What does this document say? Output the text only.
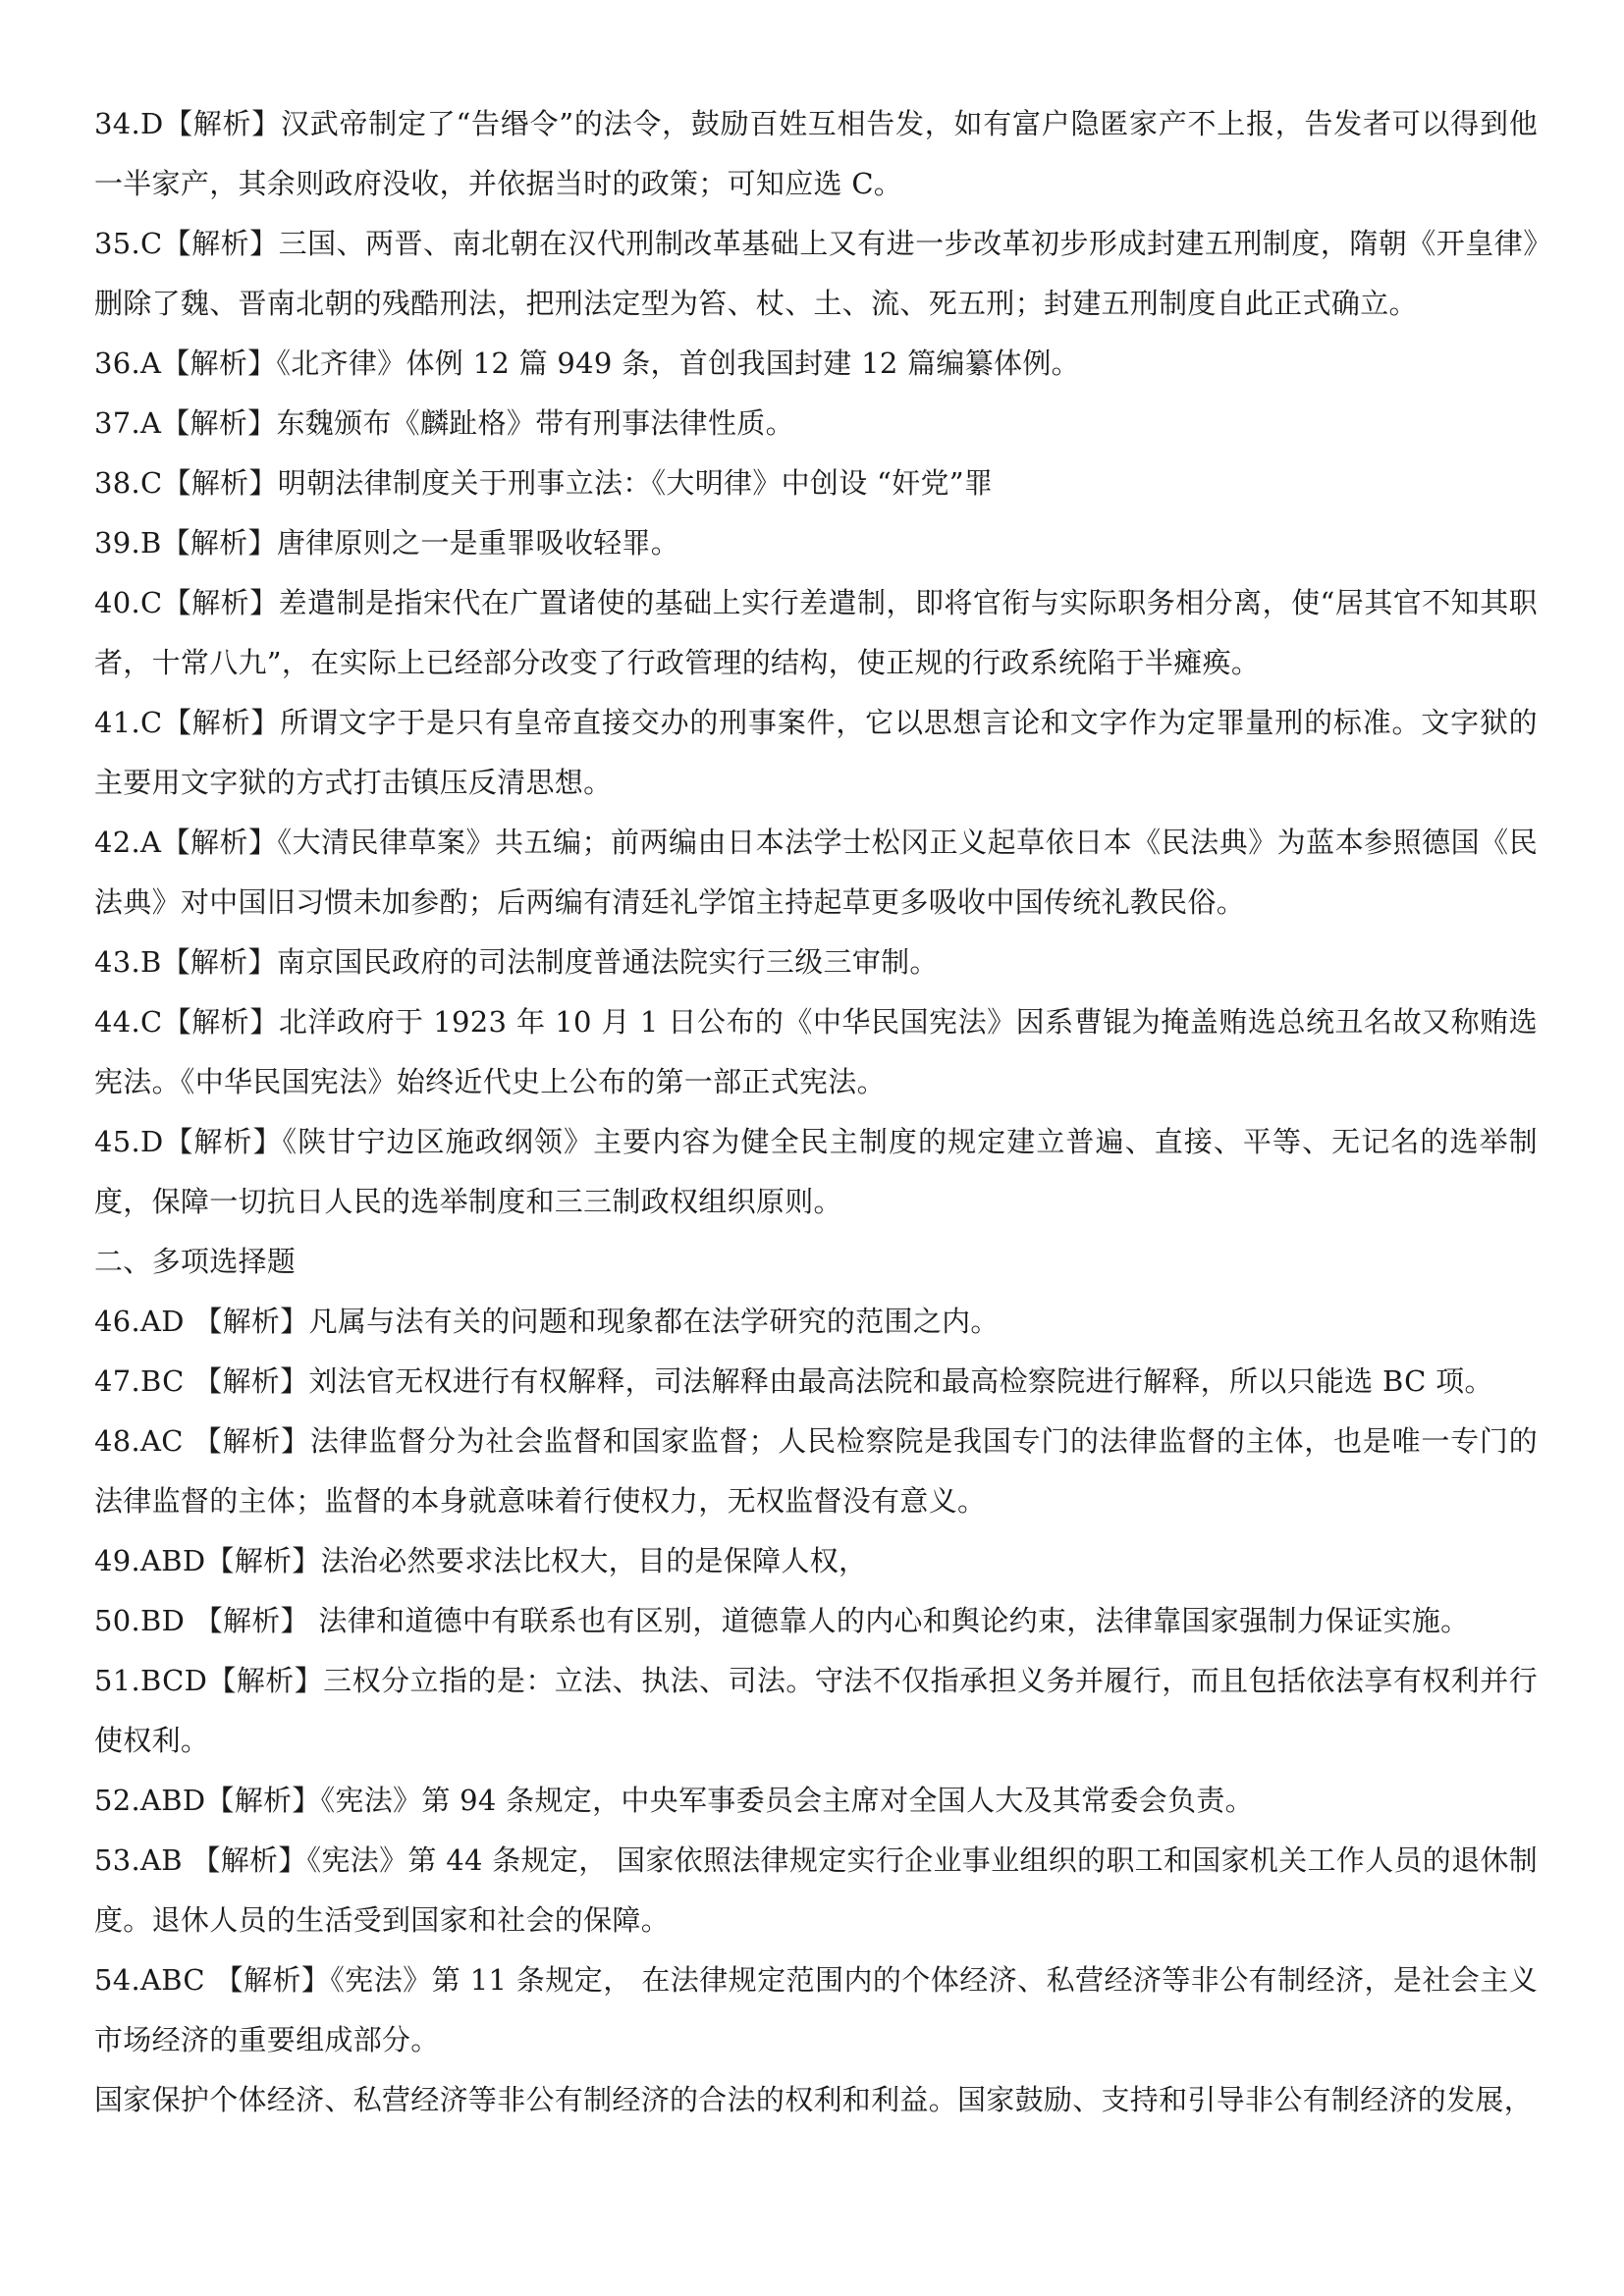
34.D【解析】汉武帝制定了“告缗令”的法令，鼓励百姓互相告发，如有富户隐匿家产不上报，告发者可以得到他一半家产，其余则政府没收，并依据当时的政策；可知应选 C。

35.C【解析】三国、两晋、南北朝在汉代刑制改革基础上又有进一步改革初步形成封建五刑制度，隋朝《开皇律》删除了魏、晋南北朝的残酷刑法，把刑法定型为笞、杖、土、流、死五刑；封建五刑制度自此正式确立。

36.A【解析】《北齐律》体例 12 篇 949 条，首创我国封建 12 篇编纂体例。

37.A【解析】东魏颁布《麟趾格》带有刑事法律性质。

38.C【解析】明朝法律制度关于刑事立法：《大明律》中创设 “奸党”罪

39.B【解析】唐律原则之一是重罪吸收轻罪。

40.C【解析】差遣制是指宋代在广置诸使的基础上实行差遣制，即将官衔与实际职务相分离，使“居其官不知其职者，十常八九”，在实际上已经部分改变了行政管理的结构，使正规的行政系统陷于半瘫痪。

41.C【解析】所谓文字于是只有皇帝直接交办的刑事案件，它以思想言论和文字作为定罪量刑的标准。文字狱的主要用文字狱的方式打击镇压反清思想。

42.A【解析】《大清民律草案》共五编；前两编由日本法学士松冈正义起草依日本《民法典》为蓝本参照德国《民法典》对中国旧习惯未加参酌；后两编有清廷礼学馆主持起草更多吸收中国传统礼教民俗。

43.B【解析】南京国民政府的司法制度普通法院实行三级三审制。

44.C【解析】北洋政府于 1923 年 10 月 1 日公布的《中华民国宪法》因系曹锟为掩盖贿选总统丑名故又称贿选宪法。《中华民国宪法》始终近代史上公布的第一部正式宪法。

45.D【解析】《陕甘宁边区施政纲领》主要内容为健全民主制度的规定建立普遍、直接、平等、无记名的选举制度，保障一切抗日人民的选举制度和三三制政权组织原则。

二、多项选择题

46.AD 【解析】凡属与法有关的问题和现象都在法学研究的范围之内。

47.BC 【解析】刘法官无权进行有权解释，司法解释由最高法院和最高检察院进行解释，所以只能选 BC 项。

48.AC 【解析】法律监督分为社会监督和国家监督；人民检察院是我国专门的法律监督的主体，也是唯一专门的法律监督的主体；监督的本身就意味着行使权力，无权监督没有意义。

49.ABD【解析】法治必然要求法比权大，目的是保障人权，

50.BD 【解析】 法律和道德中有联系也有区别，道德靠人的内心和舆论约束，法律靠国家强制力保证实施。

51.BCD【解析】三权分立指的是：立法、执法、司法。守法不仅指承担义务并履行，而且包括依法享有权利并行使权利。

52.ABD【解析】《宪法》第 94 条规定，中央军事委员会主席对全国人大及其常委会负责。

53.AB 【解析】《宪法》第 44 条规定， 国家依照法律规定实行企业事业组织的职工和国家机关工作人员的退休制度。退休人员的生活受到国家和社会的保障。

54.ABC 【解析】《宪法》第 11 条规定， 在法律规定范围内的个体经济、私营经济等非公有制经济，是社会主义市场经济的重要组成部分。

国家保护个体经济、私营经济等非公有制经济的合法的权利和利益。国家鼓励、支持和引导非公有制经济的发展，
